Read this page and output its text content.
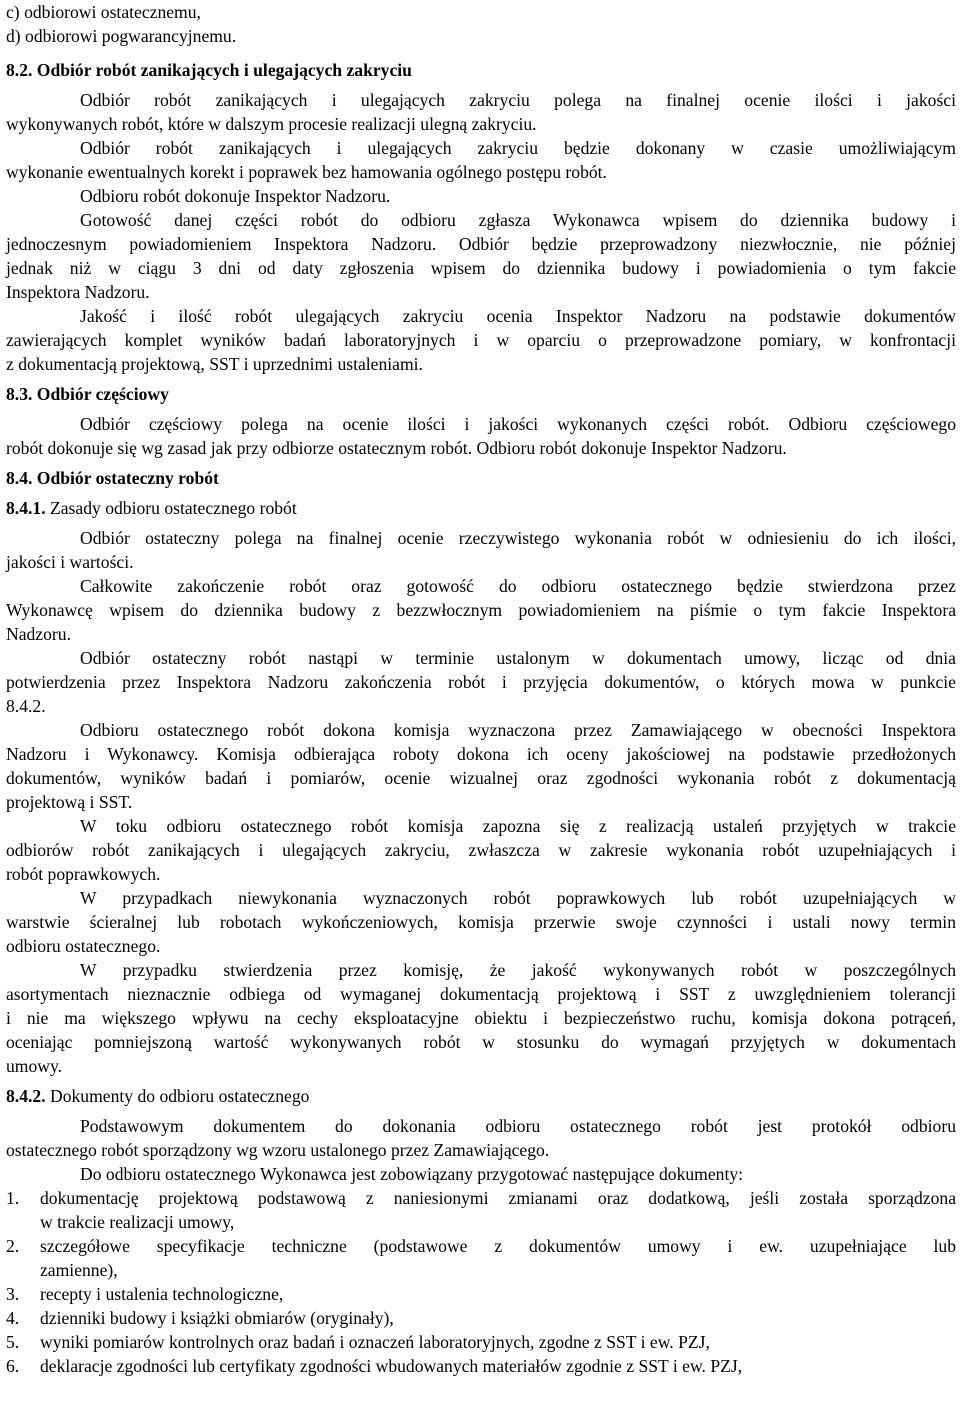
c) odbiorowi ostatecznemu,
d) odbiorowi pogwarancyjnemu.
8.2. Odbiór robót zanikających i ulegających zakryciu
Odbiór robót zanikających i ulegających zakryciu polega na finalnej ocenie ilości i jakości
wykonywanych robót, które w dalszym procesie realizacji ulegną zakryciu.
Odbiór robót zanikających i ulegających zakryciu będzie dokonany w czasie umożliwiającym
wykonanie ewentualnych korekt i poprawek bez hamowania ogólnego postępu robót.
Odbioru robót dokonuje Inspektor Nadzoru.
Gotowość danej części robót do odbioru zgłasza Wykonawca wpisem do dziennika budowy i
jednoczesnym powiadomieniem Inspektora Nadzoru. Odbiór będzie przeprowadzony niezwłocznie, nie później
jednak niż w ciągu 3 dni od daty zgłoszenia wpisem do dziennika budowy i powiadomienia o tym fakcie
Inspektora Nadzoru.
Jakość i ilość robót ulegających zakryciu ocenia Inspektor Nadzoru na podstawie dokumentów
zawierających komplet wyników badań laboratoryjnych i w oparciu o przeprowadzone pomiary, w konfrontacji
z dokumentacją projektową, SST i uprzednimi ustaleniami.
8.3. Odbiór częściowy
Odbiór częściowy polega na ocenie ilości i jakości wykonanych części robót. Odbioru częściowego
robót dokonuje się wg zasad jak przy odbiorze ostatecznym robót. Odbioru robót dokonuje Inspektor Nadzoru.
8.4. Odbiór ostateczny robót
8.4.1. Zasady odbioru ostatecznego robót
Odbiór ostateczny polega na finalnej ocenie rzeczywistego wykonania robót w odniesieniu do ich ilości,
jakości i wartości.
Całkowite zakończenie robót oraz gotowość do odbioru ostatecznego będzie stwierdzona przez
Wykonawcę wpisem do dziennika budowy z bezzwłocznym powiadomieniem na piśmie o tym fakcie Inspektora
Nadzoru.
Odbiór ostateczny robót nastąpi w terminie ustalonym w dokumentach umowy, licząc od dnia
potwierdzenia przez Inspektora Nadzoru zakończenia robót i przyjęcia dokumentów, o których mowa w punkcie
8.4.2.
Odbioru ostatecznego robót dokona komisja wyznaczona przez Zamawiającego w obecności Inspektora
Nadzoru i Wykonawcy. Komisja odbierająca roboty dokona ich oceny jakościowej na podstawie przedłożonych
dokumentów, wyników badań i pomiarów, ocenie wizualnej oraz zgodności wykonania robót z dokumentacją
projektową i SST.
W toku odbioru ostatecznego robót komisja zapozna się z realizacją ustaleń przyjętych w trakcie
odbiorów robót zanikających i ulegających zakryciu, zwłaszcza w zakresie wykonania robót uzupełniających i
robót poprawkowych.
W przypadkach niewykonania wyznaczonych robót poprawkowych lub robót uzupełniających w
warstwie ścieralnej lub robotach wykończeniowych, komisja przerwie swoje czynności i ustali nowy termin
odbioru ostatecznego.
W przypadku stwierdzenia przez komisję, że jakość wykonywanych robót w poszczególnych
asortymentach nieznacznie odbiega od wymaganej dokumentacją projektową i SST z uwzględnieniem tolerancji
i nie ma większego wpływu na cechy eksploatacyjne obiektu i bezpieczeństwo ruchu, komisja dokona potrąceń,
oceniając pomniejszoną wartość wykonywanych robót w stosunku do wymagań przyjętych w dokumentach
umowy.
8.4.2. Dokumenty do odbioru ostatecznego
Podstawowym dokumentem do dokonania odbioru ostatecznego robót jest protokół odbioru
ostatecznego robót sporządzony wg wzoru ustalonego przez Zamawiającego.
Do odbioru ostatecznego Wykonawca jest zobowiązany przygotować następujące dokumenty:
1.	dokumentację projektową podstawową z naniesionymi zmianami oraz dodatkową, jeśli została sporządzona
w trakcie realizacji umowy,
2.	szczegółowe specyfikacje techniczne (podstawowe z dokumentów umowy i ew. uzupełniające lub
zamienne),
3.	recepty i ustalenia technologiczne,
4.	dzienniki budowy i książki obmiarów (oryginały),
5.	wyniki pomiarów kontrolnych oraz badań i oznaczeń laboratoryjnych, zgodne z SST i ew. PZJ,
6.	deklaracje zgodności lub certyfikaty zgodności wbudowanych materiałów zgodnie z SST i ew. PZJ,
